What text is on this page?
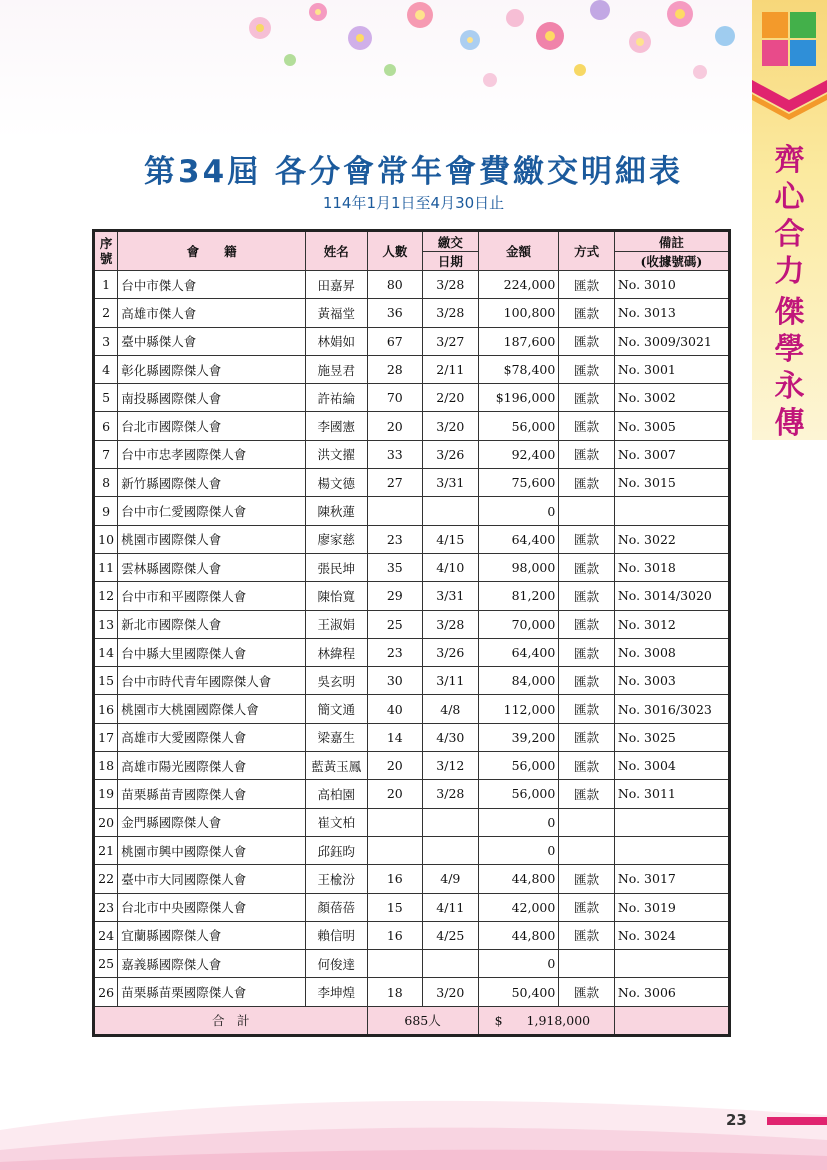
齊
心
合
力
傑
學
永
傳
第34屆 各分會常年會費繳交明細表
114年1月1日至4月30日止
序號	會　　籍	姓名	人數	繳交	金額	方式	備註
				日期			(收據號碼)
1	台中市傑人會	田嘉昇	80	3/28	224,000	匯款	No. 3010
2	高雄市傑人會	黃福堂	36	3/28	100,800	匯款	No. 3013
3	臺中縣傑人會	林娟如	67	3/27	187,600	匯款	No. 3009/3021
4	彰化縣國際傑人會	施昱君	28	2/11	$78,400	匯款	No. 3001
5	南投縣國際傑人會	許祐綸	70	2/20	$196,000	匯款	No. 3002
6	台北市國際傑人會	李國憲	20	3/20	56,000	匯款	No. 3005
7	台中市忠孝國際傑人會	洪文擢	33	3/26	92,400	匯款	No. 3007
8	新竹縣國際傑人會	楊文德	27	3/31	75,600	匯款	No. 3015
9	台中市仁愛國際傑人會	陳秋蓮			0		
10	桃園市國際傑人會	廖家慈	23	4/15	64,400	匯款	No. 3022
11	雲林縣國際傑人會	張民坤	35	4/10	98,000	匯款	No. 3018
12	台中市和平國際傑人會	陳怡寬	29	3/31	81,200	匯款	No. 3014/3020
13	新北市國際傑人會	王淑娟	25	3/28	70,000	匯款	No. 3012
14	台中縣大里國際傑人會	林緯程	23	3/26	64,400	匯款	No. 3008
15	台中市時代青年國際傑人會	吳玄明	30	3/11	84,000	匯款	No. 3003
16	桃園市大桃園國際傑人會	簡文通	40	4/8	112,000	匯款	No. 3016/3023
17	高雄市大愛國際傑人會	梁嘉生	14	4/30	39,200	匯款	No. 3025
18	高雄市陽光國際傑人會	藍黃玉鳳	20	3/12	56,000	匯款	No. 3004
19	苗栗縣苗青國際傑人會	高柏園	20	3/28	56,000	匯款	No. 3011
20	金門縣國際傑人會	崔文柏			0		
21	桃園市興中國際傑人會	邱鈺昀			0		
22	臺中市大同國際傑人會	王楡汾	16	4/9	44,800	匯款	No. 3017
23	台北市中央國際傑人會	顏蓓蓓	15	4/11	42,000	匯款	No. 3019
24	宜蘭縣國際傑人會	賴信明	16	4/25	44,800	匯款	No. 3024
25	嘉義縣國際傑人會	何俊達			0		
26	苗栗縣苗栗國際傑人會	李坤煌	18	3/20	50,400	匯款	No. 3006
合　計			685人		$ 1,918,000		
23
